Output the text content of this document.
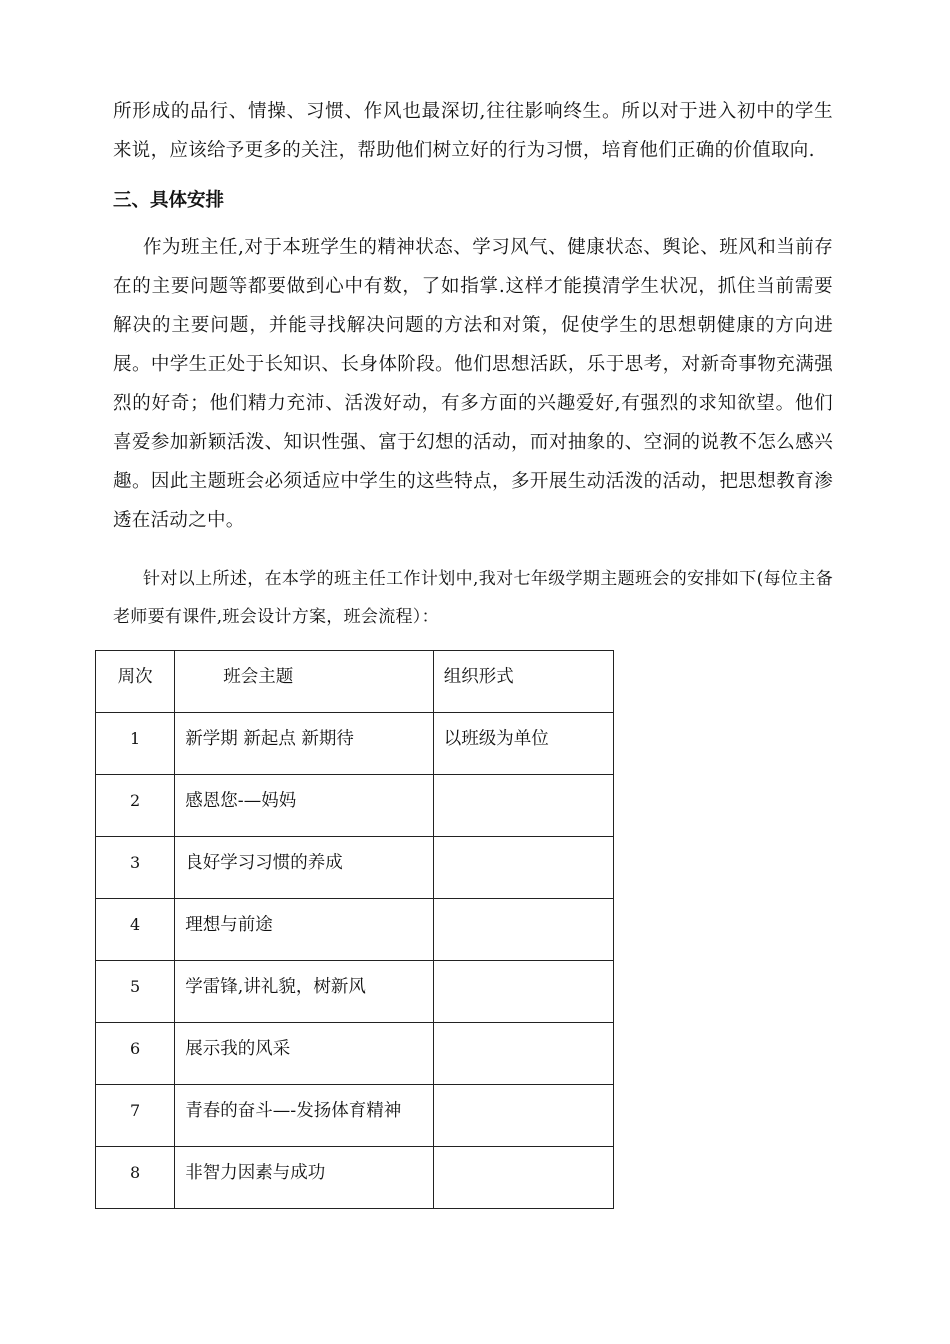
所形成的品行、情操、习惯、作风也最深切,往往影响终生。所以对于进入初中的学生来说，应该给予更多的关注，帮助他们树立好的行为习惯，培育他们正确的价值取向.

三、具体安排

作为班主任,对于本班学生的精神状态、学习风气、健康状态、舆论、班风和当前存在的主要问题等都要做到心中有数，了如指掌.这样才能摸清学生状况，抓住当前需要解决的主要问题，并能寻找解决问题的方法和对策，促使学生的思想朝健康的方向进展。中学生正处于长知识、长身体阶段。他们思想活跃，乐于思考，对新奇事物充满强烈的好奇；他们精力充沛、活泼好动，有多方面的兴趣爱好,有强烈的求知欲望。他们喜爱参加新颖活泼、知识性强、富于幻想的活动，而对抽象的、空洞的说教不怎么感兴趣。因此主题班会必须适应中学生的这些特点，多开展生动活泼的活动，把思想教育渗透在活动之中。

针对以上所述，在本学的班主任工作计划中,我对七年级学期主题班会的安排如下(每位主备老师要有课件,班会设计方案，班会流程）：

周次	班会主题	组织形式

1	新学期 新起点 新期待	以班级为单位

2	感恩您-—妈妈	

3	良好学习习惯的养成	

4	理想与前途	

5	学雷锋,讲礼貌，树新风	

6	展示我的风采	

7	青春的奋斗—-发扬体育精神	

8	非智力因素与成功	
